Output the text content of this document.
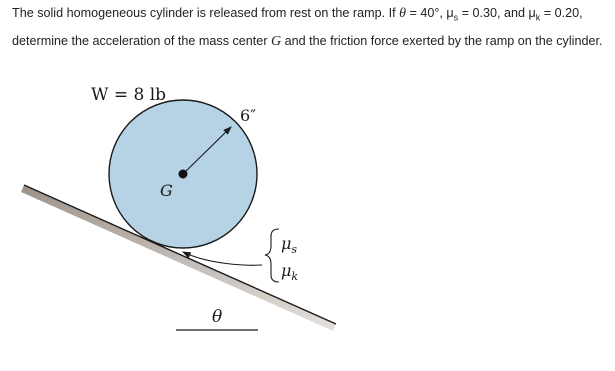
The solid homogeneous cylinder is released from rest on the ramp. If θ = 40°, $\mu_s = 0.30$, and $\mu_k = 0.20$, determine the acceleration of the mass center G and the friction force exerted by the ramp on the cylinder.
W = 8 lb
6″
G
$\mu_s$
$\mu_k$
θ
